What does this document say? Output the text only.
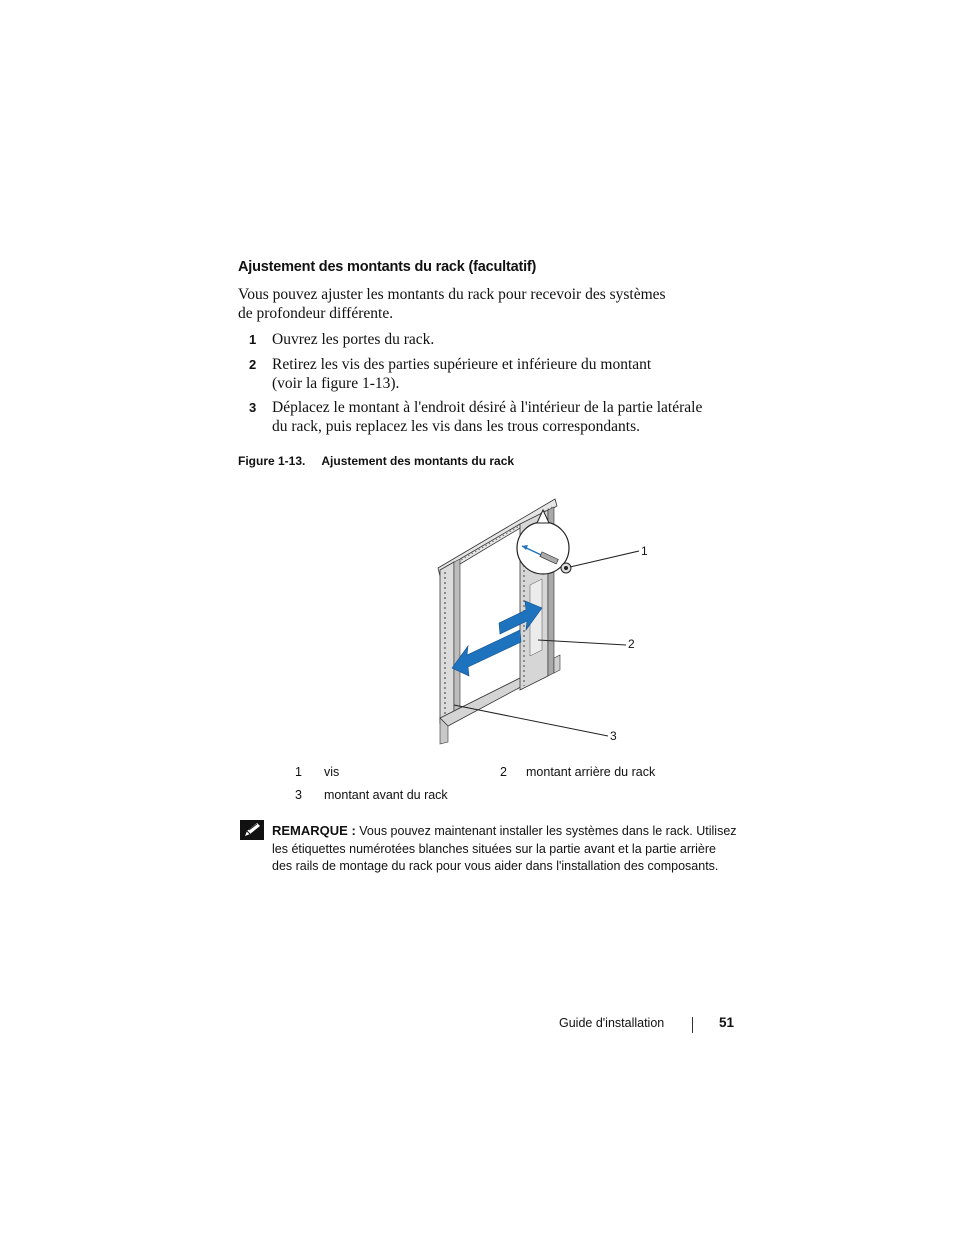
Ajustement des montants du rack (facultatif)
Vous pouvez ajuster les montants du rack pour recevoir des systèmes
de profondeur différente.
1	Ouvrez les portes du rack.
2	Retirez les vis des parties supérieure et inférieure du montant
(voir la figure 1-13).
3	Déplacez le montant à l'endroit désiré à l'intérieur de la partie latérale
du rack, puis replacez les vis dans les trous correspondants.
Figure 1-13. Ajustement des montants du rack
1
2
3
1 vis	2 montant arrière du rack
3 montant avant du rack
REMARQUE : Vous pouvez maintenant installer les systèmes dans le rack. Utilisez
les étiquettes numérotées blanches situées sur la partie avant et la partie arrière
des rails de montage du rack pour vous aider dans l'installation des composants.
Guide d'installation	51
